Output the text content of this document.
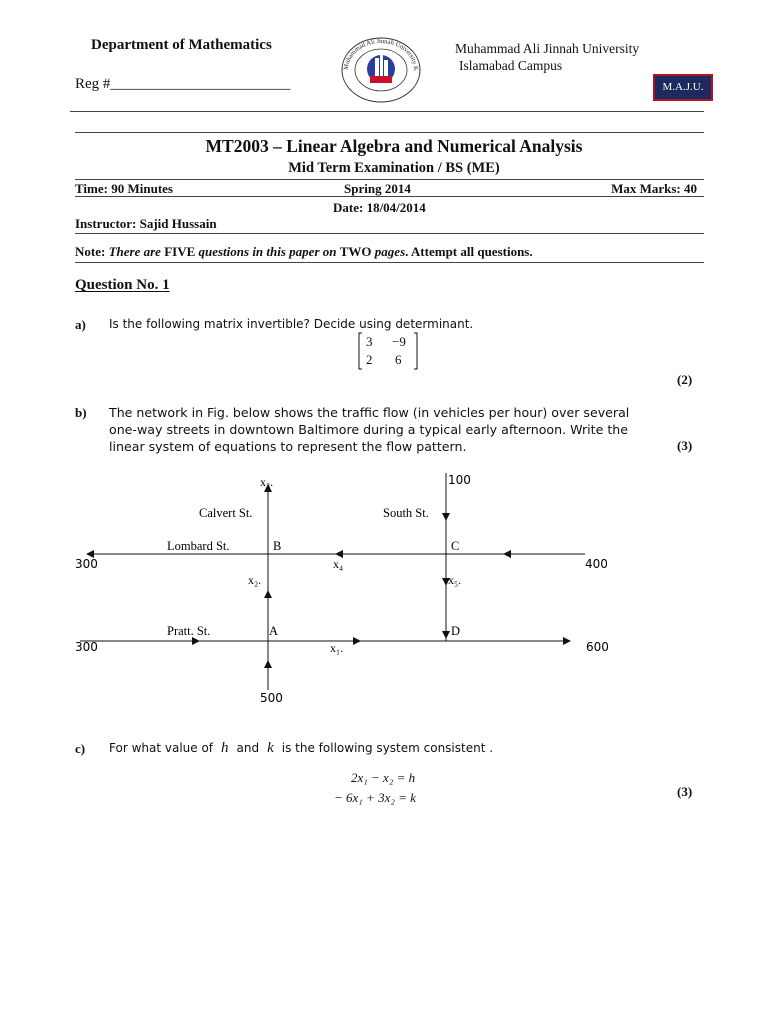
Department of Mathematics
Reg #________________________	1998
Muhammad Ali Jinnah University K
Muhammad Ali Jinnah University
Islamabad Campus
M.A.J.U.
MT2003 – Linear Algebra and Numerical Analysis
Mid Term Examination / BS (ME)
Time: 90 Minutes	Spring 2014	Max Marks: 40
Date: 18/04/2014
Instructor: Sajid Hussain
Note: There are FIVE questions in this paper on TWO pages. Attempt all questions.
Question No. 1
a) Is the following matrix invertible? Decide using determinant.
3 −9
2 6
(2)
b) The network in Fig. below shows the traffic flow (in vehicles per hour) over several
one-way streets in downtown Baltimore during a typical early afternoon. Write the
linear system of equations to represent the flow pattern.	(3)
x₃.	100
Calvert St.	South St.
Lombard St.	B	C
300	x₄	400
x₂.	x₅.
Pratt. St.	A	D
300	x₁.	600
500
c) For what value of h and k is the following system consistent .
2x₁ − x₂ = h
− 6x₁ + 3x₂ = k	(3)
